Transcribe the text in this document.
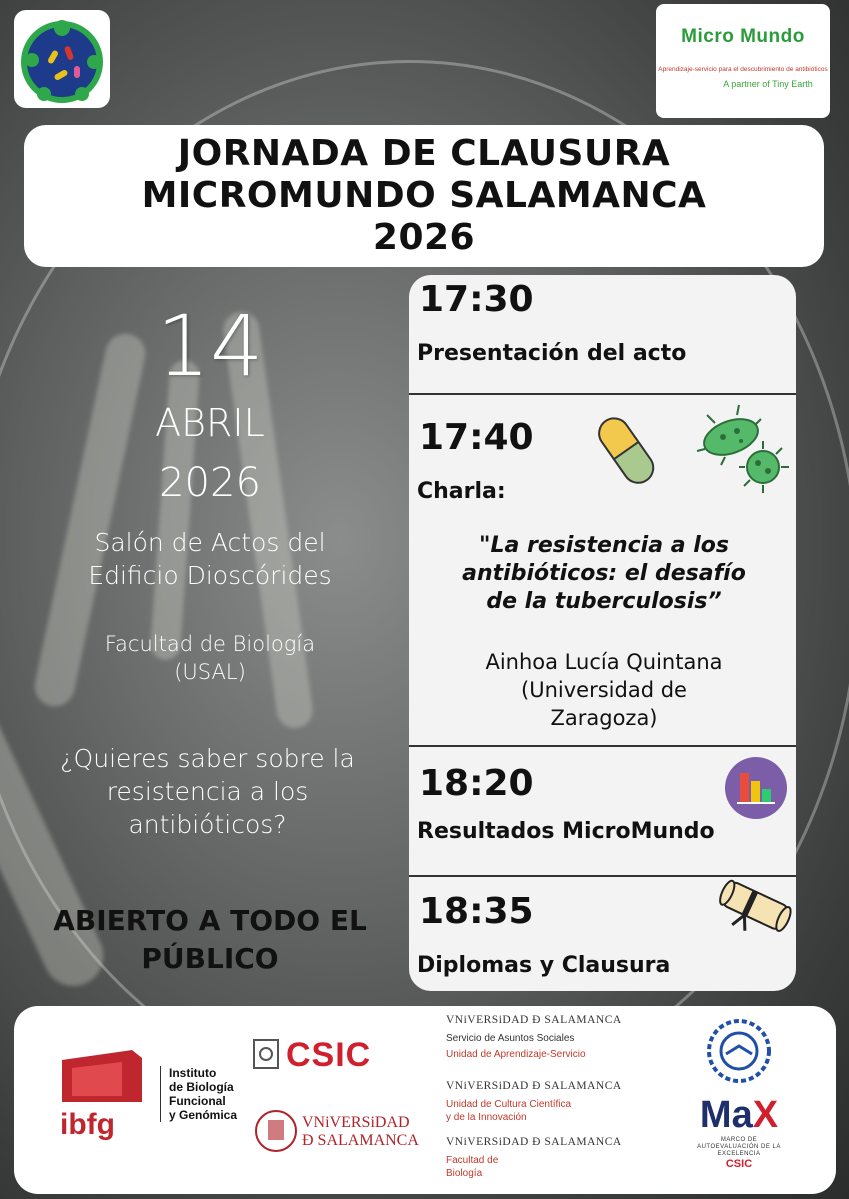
Micro Mundo
Aprendizaje-servicio para el descubrimiento de antibióticos
A partner of Tiny Earth
JORNADA DE CLAUSURA
MICROMUNDO SALAMANCA
2026
14
ABRIL
2026
Salón de Actos del
Edificio Dioscórides
Facultad de Biología
(USAL)
¿Quieres saber sobre la
resistencia a los
antibióticos?
ABIERTO A TODO EL
PÚBLICO
17:30
Presentación del acto
17:40
Charla:
"La resistencia a los
antibióticos: el desafío
de la tuberculosis”
Ainhoa Lucía Quintana
(Universidad de
Zaragoza)
18:20
Resultados MicroMundo
18:35
Diplomas y Clausura
ibfg
Instituto
de Biología
Funcional
y Genómica
CSIC
VNiVERSiDAD
Ð SALAMANCA
VNiVERSiDAD Ð SALAMANCA
Servicio de Asuntos Sociales
Unidad de Aprendizaje-Servicio
VNiVERSiDAD Ð SALAMANCA
Unidad de Cultura Científica
y de la Innovación
VNiVERSiDAD Ð SALAMANCA
Facultad de
Biología
MaX
MARCO DE
AUTOEVALUACIÓN DE LA
EXCELENCIA
CSIC
